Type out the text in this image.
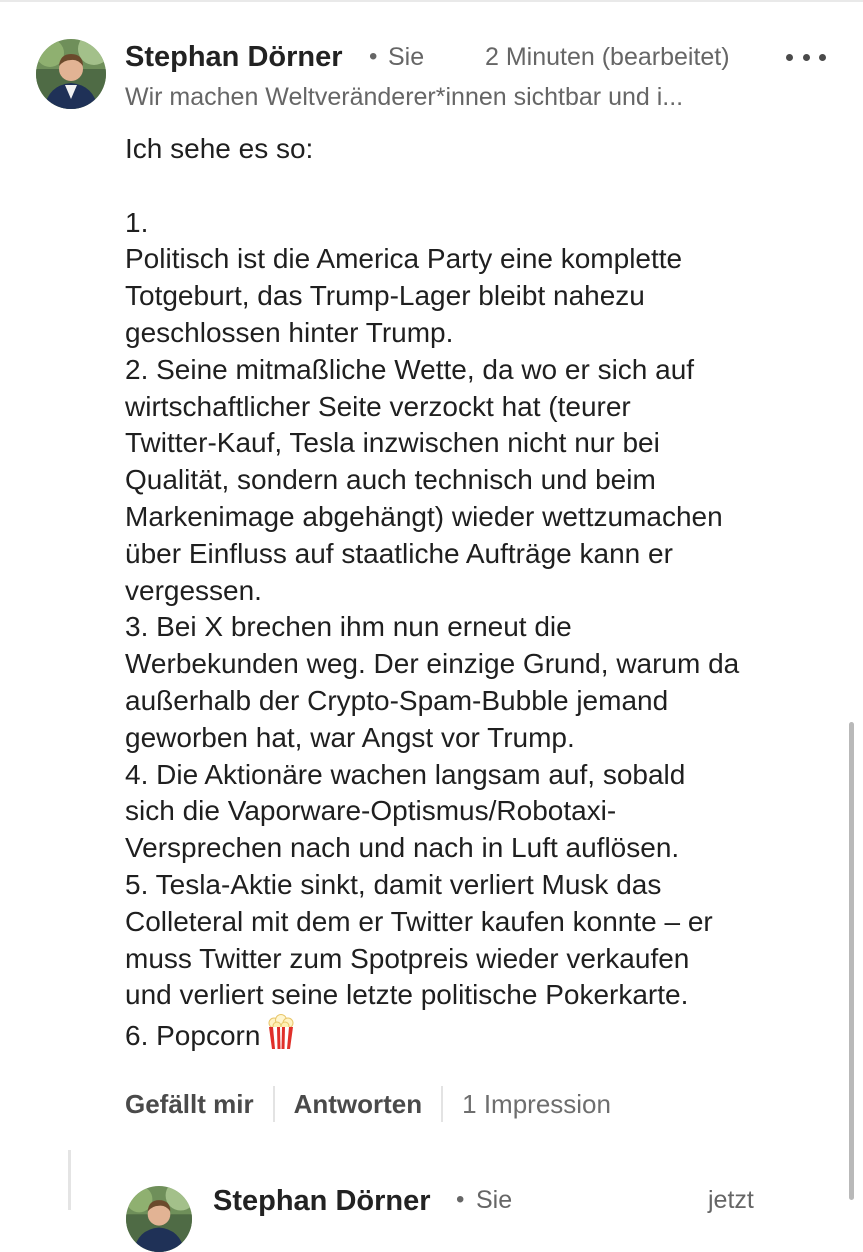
Stephan Dörner • Sie 2 Minuten (bearbeitet)
Wir machen Weltveränderer*innen sichtbar und i...
Ich sehe es so:
1.
Politisch ist die America Party eine komplette
Totgeburt, das Trump-Lager bleibt nahezu
geschlossen hinter Trump.
2. Seine mitmaßliche Wette, da wo er sich auf
wirtschaftlicher Seite verzockt hat (teurer
Twitter-Kauf, Tesla inzwischen nicht nur bei
Qualität, sondern auch technisch und beim
Markenimage abgehängt) wieder wettzumachen
über Einfluss auf staatliche Aufträge kann er
vergessen.
3. Bei X brechen ihm nun erneut die
Werbekunden weg. Der einzige Grund, warum da
außerhalb der Crypto-Spam-Bubble jemand
geworben hat, war Angst vor Trump.
4. Die Aktionäre wachen langsam auf, sobald
sich die Vaporware-Optismus/Robotaxi-
Versprechen nach und nach in Luft auflösen.
5. Tesla-Aktie sinkt, damit verliert Musk das
Colleteral mit dem er Twitter kaufen konnte – er
muss Twitter zum Spotpreis wieder verkaufen
und verliert seine letzte politische Pokerkarte.
6. Popcorn
Gefällt mir Antworten 1 Impression
Stephan Dörner • Sie	jetzt
